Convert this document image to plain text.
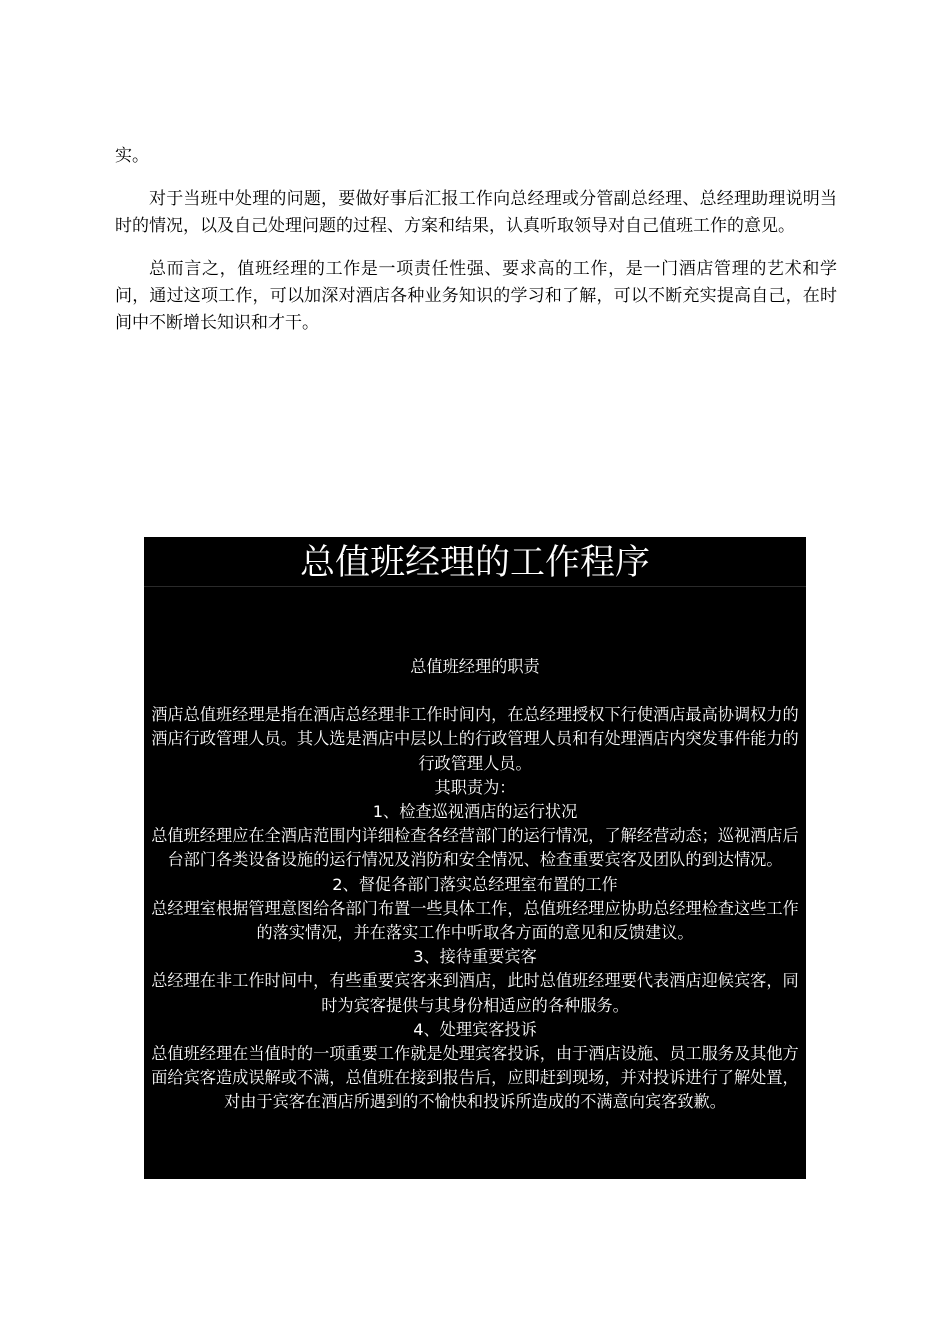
实。

对于当班中处理的问题，要做好事后汇报工作向总经理或分管副总经理、总经理助理说明当时的情况，以及自己处理问题的过程、方案和结果，认真听取领导对自己值班工作的意见。

总而言之，值班经理的工作是一项责任性强、要求高的工作，是一门酒店管理的艺术和学问，通过这项工作，可以加深对酒店各种业务知识的学习和了解，可以不断充实提高自己，在时间中不断增长知识和才干。

总值班经理的工作程序

总值班经理的职责

酒店总值班经理是指在酒店总经理非工作时间内，在总经理授权下行使酒店最高协调权力的酒店行政管理人员。其人选是酒店中层以上的行政管理人员和有处理酒店内突发事件能力的行政管理人员。

其职责为：

1、检查巡视酒店的运行状况

总值班经理应在全酒店范围内详细检查各经营部门的运行情况，了解经营动态；巡视酒店后台部门各类设备设施的运行情况及消防和安全情况、检查重要宾客及团队的到达情况。

2、督促各部门落实总经理室布置的工作

总经理室根据管理意图给各部门布置一些具体工作，总值班经理应协助总经理检查这些工作的落实情况，并在落实工作中听取各方面的意见和反馈建议。

3、接待重要宾客

总经理在非工作时间中，有些重要宾客来到酒店，此时总值班经理要代表酒店迎候宾客，同时为宾客提供与其身份相适应的各种服务。

4、处理宾客投诉

总值班经理在当值时的一项重要工作就是处理宾客投诉，由于酒店设施、员工服务及其他方面给宾客造成误解或不满，总值班在接到报告后，应即赶到现场，并对投诉进行了解处置，对由于宾客在酒店所遇到的不愉快和投诉所造成的不满意向宾客致歉。
